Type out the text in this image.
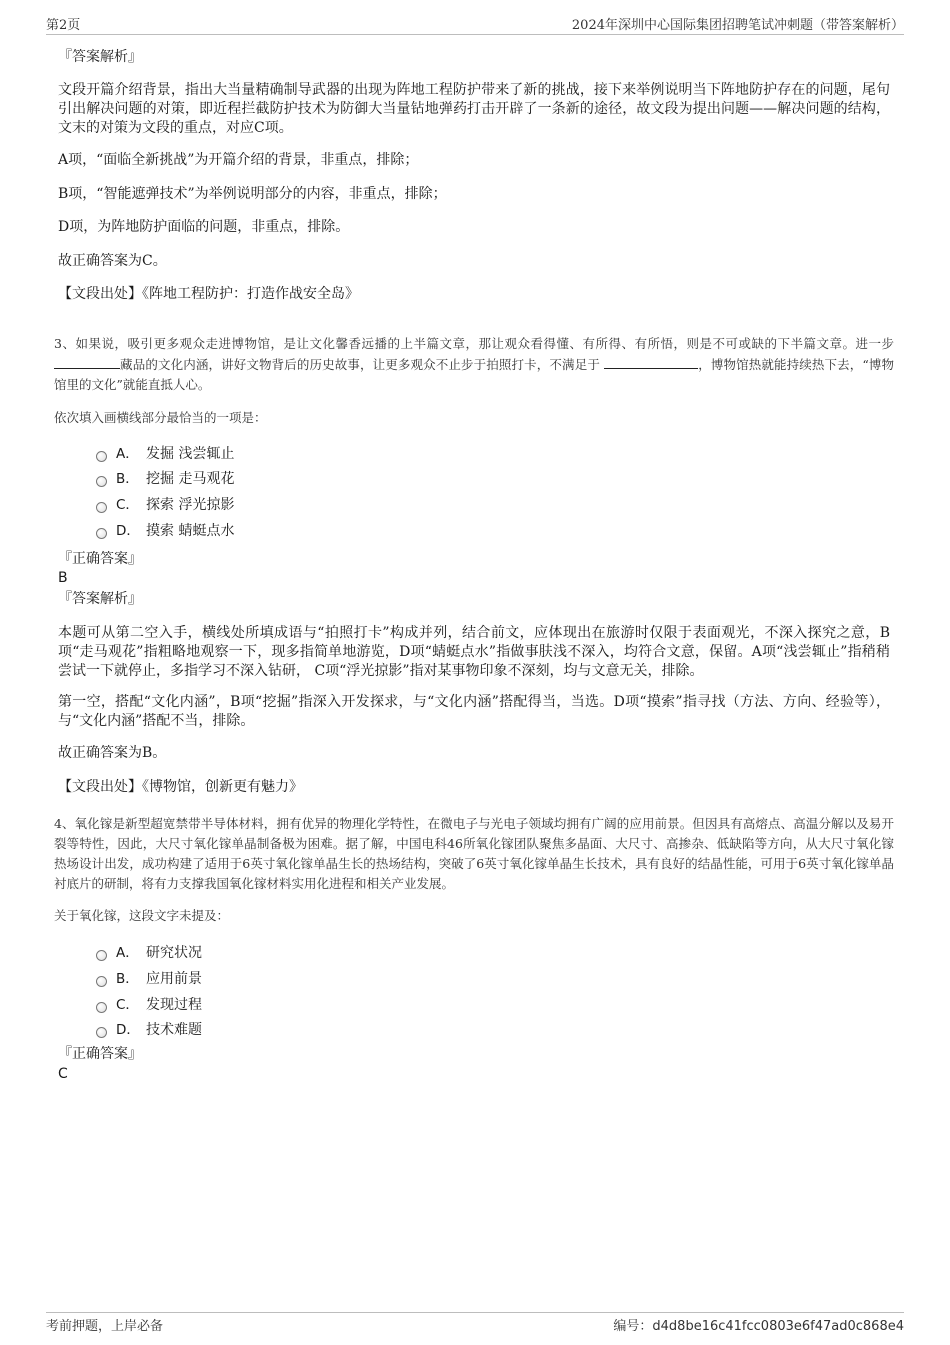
第2页	2024年深圳中心国际集团招聘笔试冲刺题（带答案解析）
『答案解析』

文段开篇介绍背景，指出大当量精确制导武器的出现为阵地工程防护带来了新的挑战，接下来举例说明当下阵地防护存在的问题，尾句引出解决问题的对策，即近程拦截防护技术为防御大当量钻地弹药打击开辟了一条新的途径，故文段为提出问题——解决问题的结构，文末的对策为文段的重点，对应C项。

A项，“面临全新挑战”为开篇介绍的背景，非重点，排除；

B项，“智能遮弹技术”为举例说明部分的内容，非重点，排除；

D项，为阵地防护面临的问题，非重点，排除。

故正确答案为C。

【文段出处】《阵地工程防护：打造作战安全岛》

3、如果说，吸引更多观众走进博物馆，是让文化馨香远播的上半篇文章，那让观众看得懂、有所得、有所悟，则是不可或缺的下半篇文章。进一步 藏品的文化内涵，讲好文物背后的历史故事，让更多观众不止步于拍照打卡，不满足于	，博物馆热就能持续热下去，“博物馆里的文化”就能直抵人心。

依次填入画横线部分最恰当的一项是：

A． 发掘 浅尝辄止
B． 挖掘 走马观花
C． 探索 浮光掠影
D． 摸索 蜻蜓点水
『正确答案』
B
『答案解析』

本题可从第二空入手，横线处所填成语与“拍照打卡”构成并列，结合前文，应体现出在旅游时仅限于表面观光，不深入探究之意，B项“走马观花”指粗略地观察一下，现多指简单地游览，D项“蜻蜓点水”指做事肤浅不深入，均符合文意，保留。A项“浅尝辄止”指稍稍尝试一下就停止，多指学习不深入钻研， C项“浮光掠影”指对某事物印象不深刻，均与文意无关，排除。

第一空，搭配“文化内涵”，B项“挖掘”指深入开发探求，与“文化内涵”搭配得当，当选。D项“摸索”指寻找（方法、方向、经验等），与“文化内涵”搭配不当，排除。

故正确答案为B。

【文段出处】《博物馆，创新更有魅力》

4、氧化镓是新型超宽禁带半导体材料，拥有优异的物理化学特性，在微电子与光电子领域均拥有广阔的应用前景。但因具有高熔点、高温分解以及易开裂等特性，因此，大尺寸氧化镓单晶制备极为困难。据了解，中国电科46所氧化镓团队聚焦多晶面、大尺寸、高掺杂、低缺陷等方向，从大尺寸氧化镓热场设计出发，成功构建了适用于6英寸氧化镓单晶生长的热场结构，突破了6英寸氧化镓单晶生长技术，具有良好的结晶性能，可用于6英寸氧化镓单晶衬底片的研制，将有力支撑我国氧化镓材料实用化进程和相关产业发展。

关于氧化镓，这段文字未提及：

A． 研究状况
B． 应用前景
C． 发现过程
D． 技术难题
『正确答案』
C
考前押题，上岸必备	编号：d4d8be16c41fcc0803e6f47ad0c868e4
